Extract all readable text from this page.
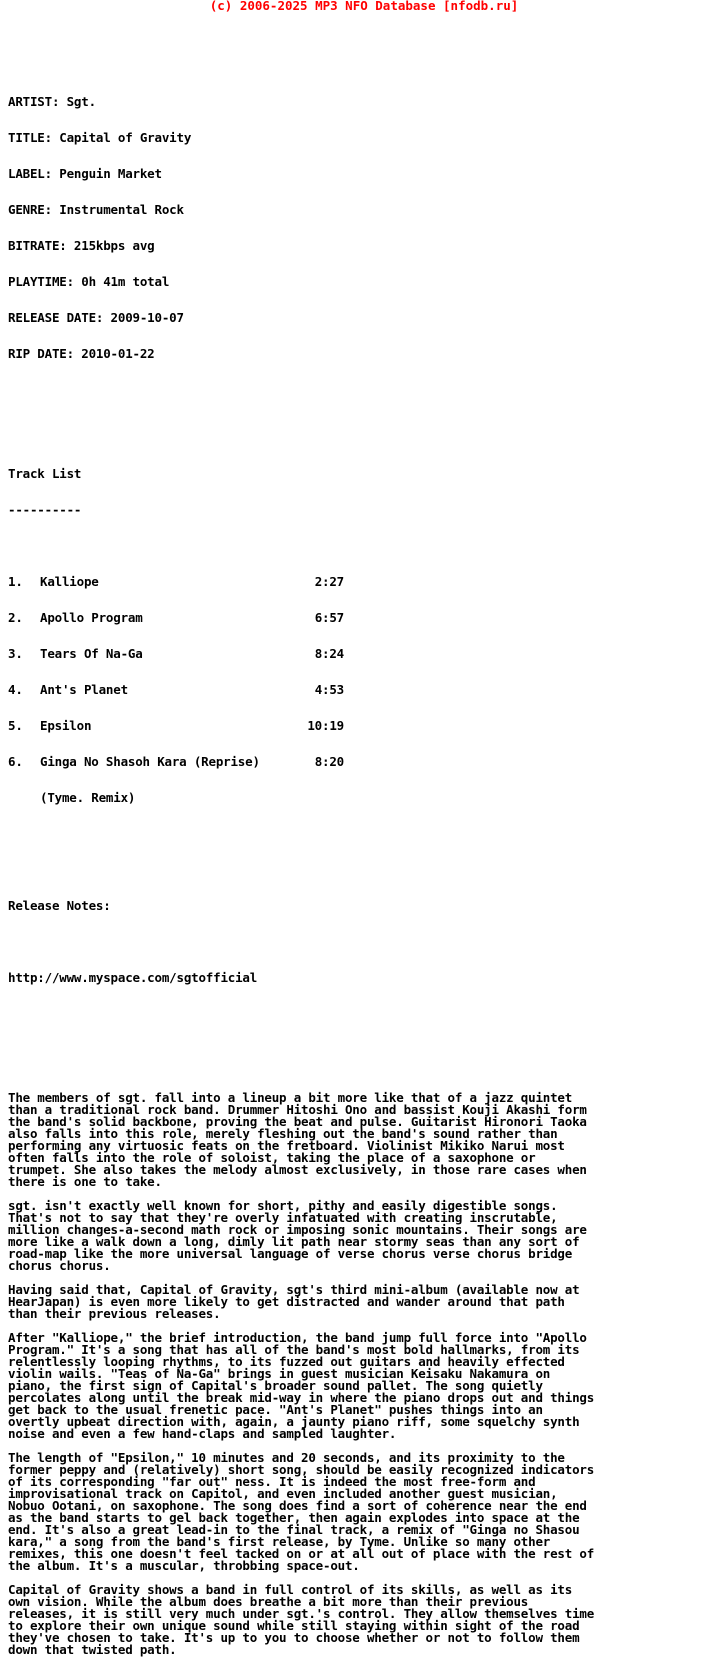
(c) 2006-2025 MP3 NFO Database [nfodb.ru]

ARTIST: Sgt.

TITLE: Capital of Gravity

LABEL: Penguin Market

GENRE: Instrumental Rock

BITRATE: 215kbps avg

PLAYTIME: 0h 41m total

RELEASE DATE: 2009-10-07

RIP DATE: 2010-01-22

Track List

----------

1. Kalliope	2:27

2. Apollo Program	6:57

3. Tears Of Na-Ga	8:24

4. Ant's Planet	4:53

5. Epsilon	10:19

6. Ginga No Shasoh Kara (Reprise)	8:20

(Tyme. Remix)

Release Notes:

http://www.myspace.com/sgtofficial

The members of sgt. fall into a lineup a bit more like that of a jazz quintet
than a traditional rock band. Drummer Hitoshi Ono and bassist Kouji Akashi form
the band's solid backbone, proving the beat and pulse. Guitarist Hironori Taoka
also falls into this role, merely fleshing out the band's sound rather than
performing any virtuosic feats on the fretboard. Violinist Mikiko Narui most
often falls into the role of soloist, taking the place of a saxophone or
trumpet. She also takes the melody almost exclusively, in those rare cases when
there is one to take.
sgt. isn't exactly well known for short, pithy and easily digestible songs.
That's not to say that they're overly infatuated with creating inscrutable,
million changes-a-second math rock or imposing sonic mountains. Their songs are
more like a walk down a long, dimly lit path near stormy seas than any sort of
road-map like the more universal language of verse chorus verse chorus bridge
chorus chorus.
Having said that, Capital of Gravity, sgt's third mini-album (available now at
HearJapan) is even more likely to get distracted and wander around that path
than their previous releases.
After "Kalliope," the brief introduction, the band jump full force into "Apollo
Program." It's a song that has all of the band's most bold hallmarks, from its
relentlessly looping rhythms, to its fuzzed out guitars and heavily effected
violin wails. "Teas of Na-Ga" brings in guest musician Keisaku Nakamura on
piano, the first sign of Capital's broader sound pallet. The song quietly
percolates along until the break mid-way in where the piano drops out and things
get back to the usual frenetic pace. "Ant's Planet" pushes things into an
overtly upbeat direction with, again, a jaunty piano riff, some squelchy synth
noise and even a few hand-claps and sampled laughter.
The length of "Epsilon," 10 minutes and 20 seconds, and its proximity to the
former peppy and (relatively) short song, should be easily recognized indicators
of its corresponding "far out" ness. It is indeed the most free-form and
improvisational track on Capitol, and even included another guest musician,
Nobuo Ootani, on saxophone. The song does find a sort of coherence near the end
as the band starts to gel back together, then again explodes into space at the
end. It's also a great lead-in to the final track, a remix of "Ginga no Shasou
kara," a song from the band's first release, by Tyme. Unlike so many other
remixes, this one doesn't feel tacked on or at all out of place with the rest of
the album. It's a muscular, throbbing space-out.
Capital of Gravity shows a band in full control of its skills, as well as its
own vision. While the album does breathe a bit more than their previous
releases, it is still very much under sgt.'s control. They allow themselves time
to explore their own unique sound while still staying within sight of the road
they've chosen to take. It's up to you to choose whether or not to follow them
down that twisted path.
